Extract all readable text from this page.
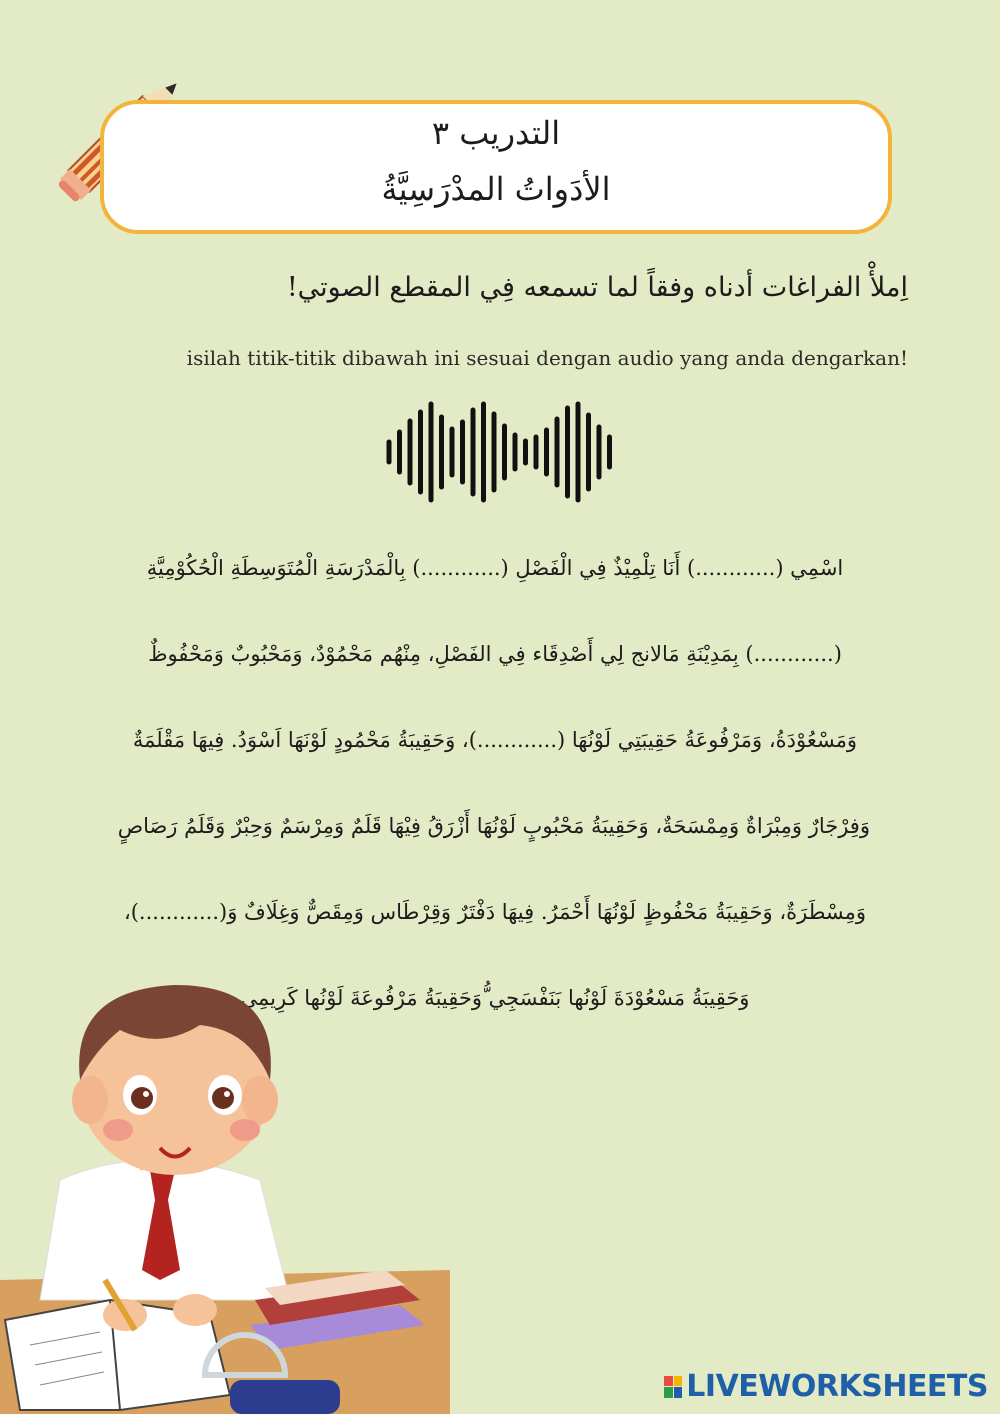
التدريب ٣
الأدَواتُ المدْرَسِيَّةُ
اِملأْ الفراغات أدناه وفقاً لما تسمعه فِي المقطع الصوتي!
isilah titik-titik dibawah ini sesuai dengan audio yang anda dengarkan!
اسْمِي (............) أَنَا تِلْمِيْذٌ فِي الْفَصْلِ (............) بِالْمَدْرَسَةِ الْمُتَوَسِطَةِ الْحُكُوْمِيَّةِ
(............) بِمَدِيْنَةِ مَالانج لِي أَصْدِقَاء فِي الفَصْلِ، مِنْهُم مَحْمُوْدٌ، وَمَحْبُوبٌ وَمَحْفُوظٌ
وَمَسْعُوْدَةُ، وَمَرْفُوعَةُ حَقِيبَتِي لَوْنُهَا (............)، وَحَقِيبَةُ مَحْمُودٍ لَوْنَهَا اَسْوَدُ. فِيهَا مَقْلَمَةٌ
وَفِرْجَارٌ وَمِبْرَاةٌ وَمِمْسَحَةٌ، وَحَقِيبَةُ مَحْبُوبٍ لَوْنُهَا أَزْرَقُ فِيْهَا قَلَمٌ وَمِرْسَمٌ وَحِبْرٌ وَقَلَمُ رَصَاصٍ
وَمِسْطَرَةٌ، وَحَقِيبَةُ مَحْفُوظٍ لَوْنُهَا أَحْمَرُ. فِيهَا دَفْتَرٌ وَقِرْطَاس وَمِقَصٌّ وَغِلَافٌ وَ(............)،
وَحَقِيبَةُ مَسْعُوْدَةَ لَوْنُها بَنَفْسَجِي ُّوَحَقِيبَةُ مَرْفُوعَةَ لَوْنُها كَرِيمِي
LIVEWORKSHEETS
